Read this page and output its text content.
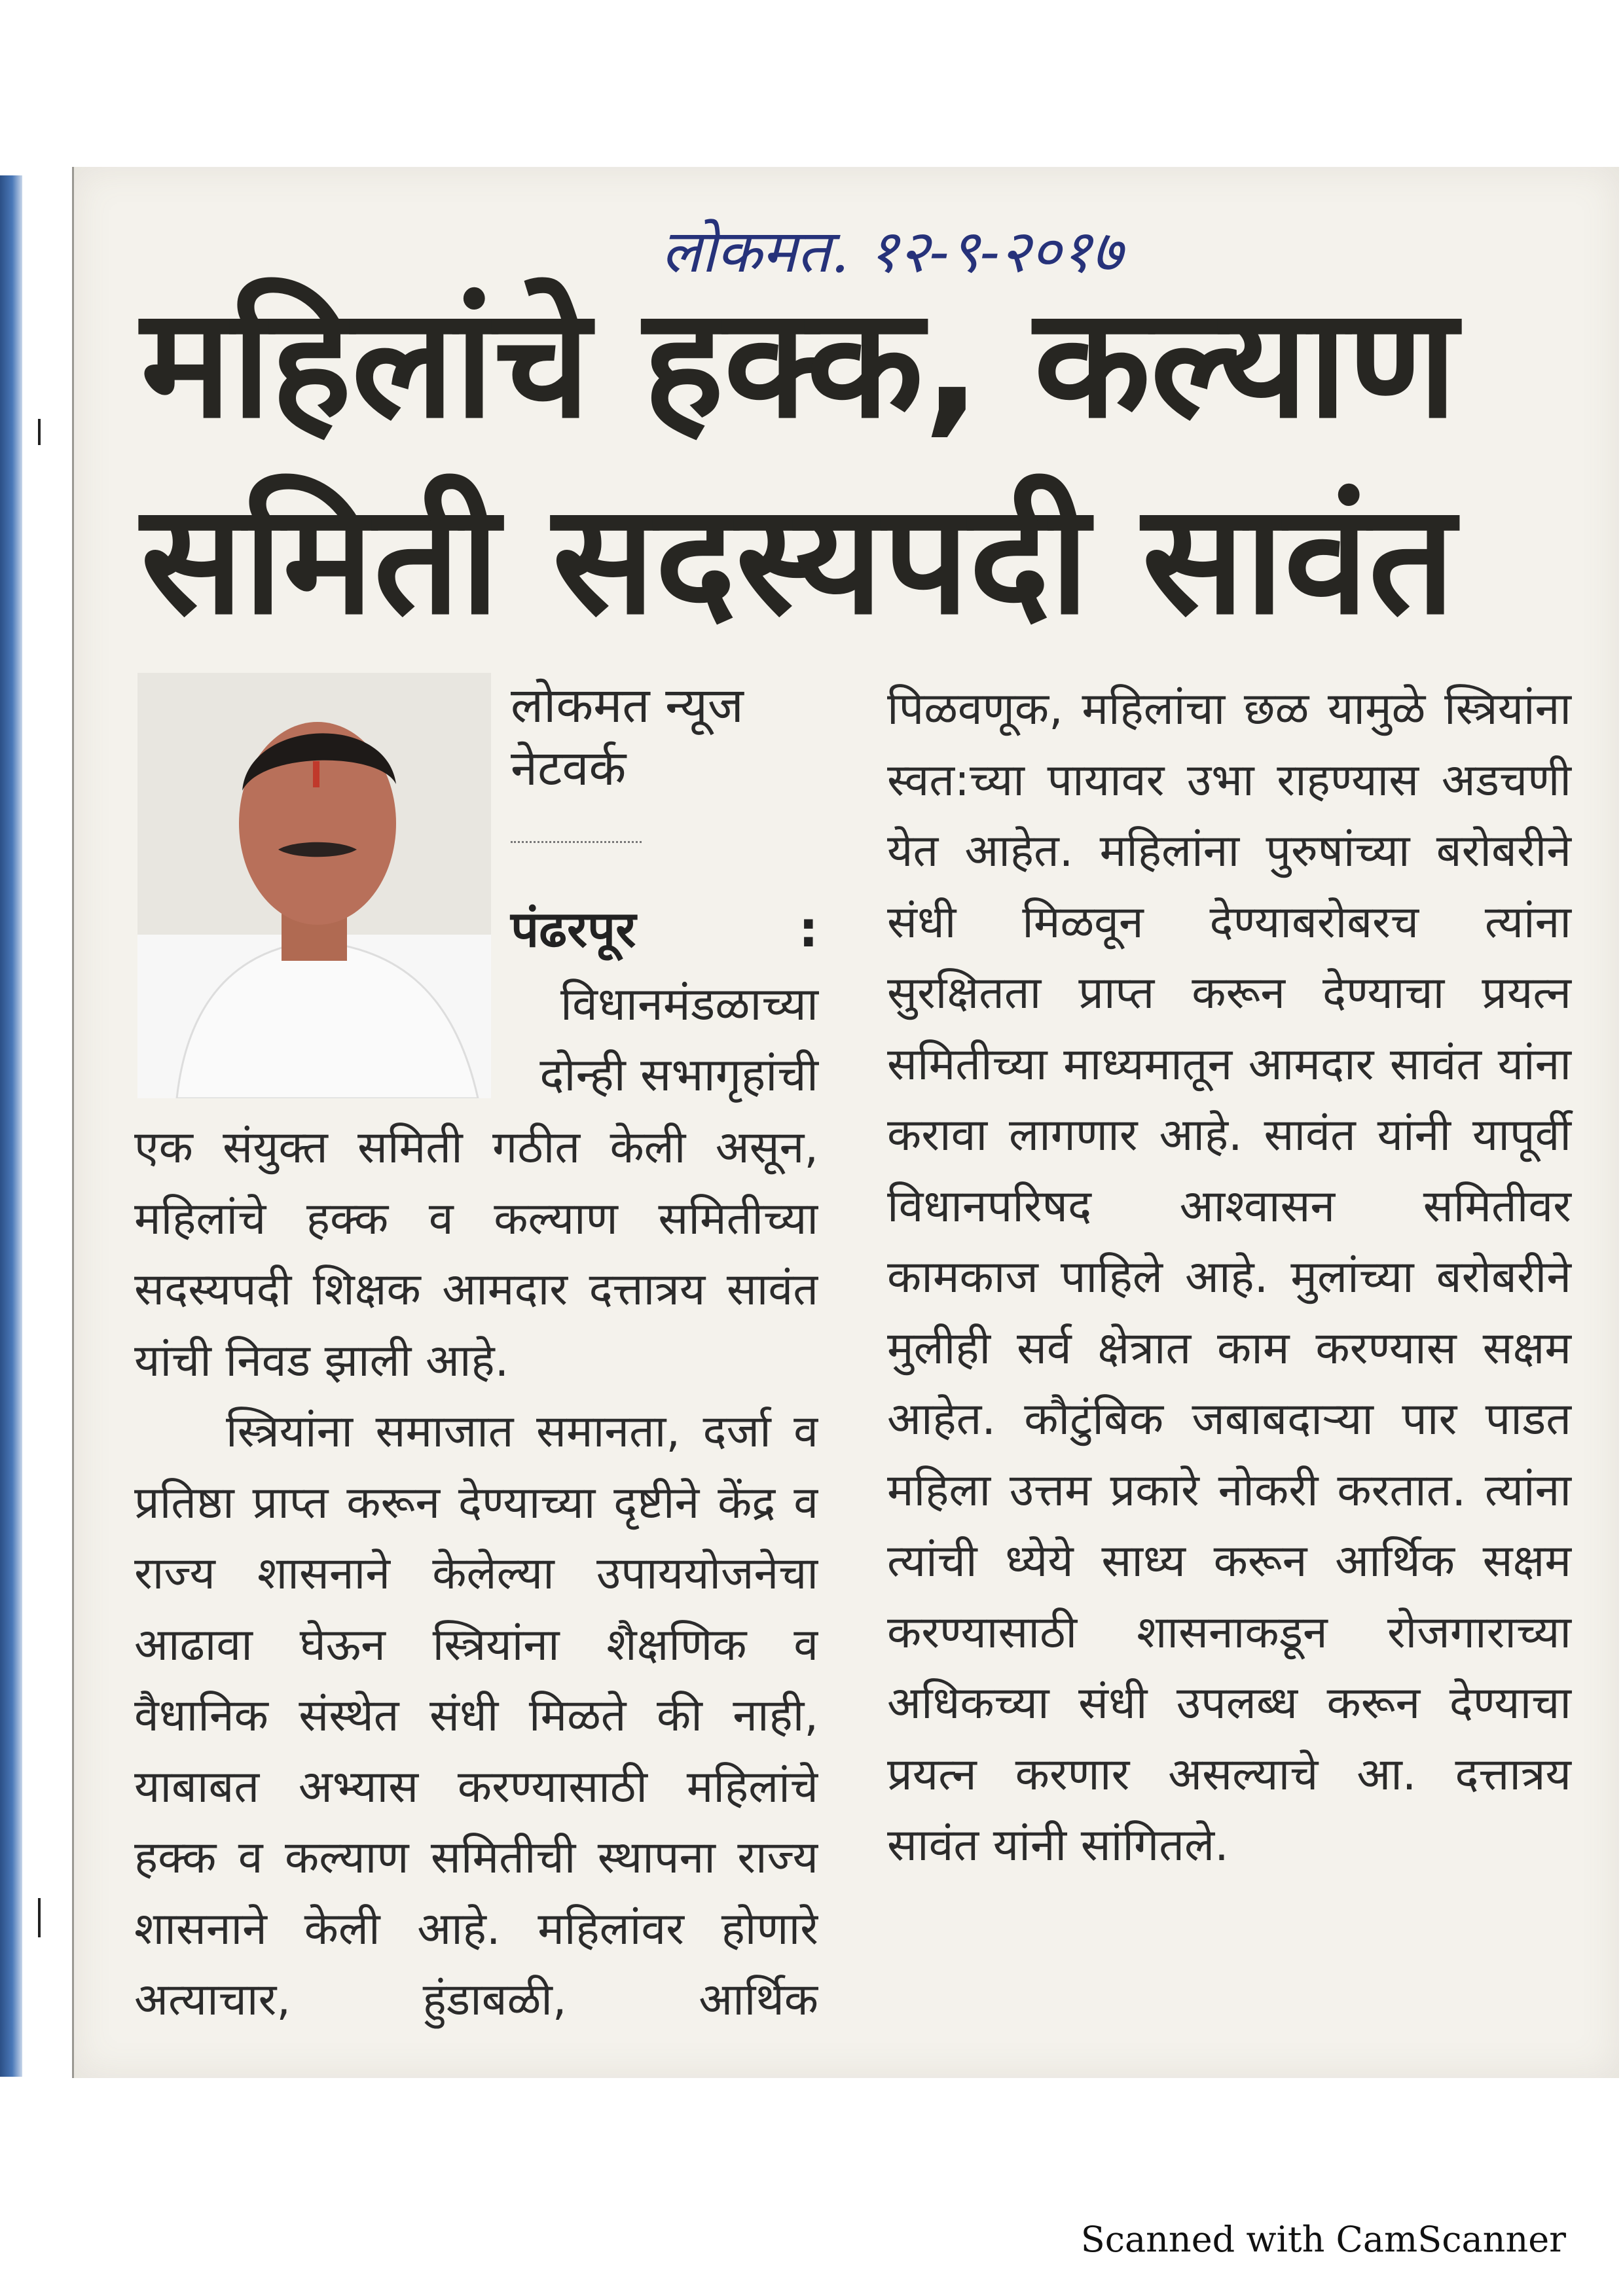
लोकमत. १२-९-२०१७
महिलांचे हक्क, कल्याण
समिती सदस्यपदी सावंत
लोकमत न्यूज नेटवर्क
पंढरपूर	:
विधानमंडळाच्या दोन्ही सभागृहांची

एक संयुक्त समिती गठीत केली असून, महिलांचे हक्क व कल्याण समितीच्या सदस्यपदी शिक्षक आमदार दत्तात्रय सावंत यांची निवड झाली आहे.

स्त्रियांना समाजात समानता, दर्जा व प्रतिष्ठा प्राप्त करून देण्याच्या दृष्टीने केंद्र व राज्य शासनाने केलेल्या उपाययोजनेचा आढावा घेऊन स्त्रियांना शैक्षणिक व वैधानिक संस्थेत संधी मिळते की नाही, याबाबत अभ्यास करण्यासाठी महिलांचे हक्क व कल्याण समितीची स्थापना राज्य शासनाने केली आहे. महिलांवर होणारे अत्याचार, हुंडाबळी, आर्थिक

पिळवणूक, महिलांचा छळ यामुळे स्त्रियांना स्वत:च्या पायावर उभा राहण्यास अडचणी येत आहेत. महिलांना पुरुषांच्या बरोबरीने संधी मिळवून देण्याबरोबरच त्यांना सुरक्षितता प्राप्त करून देण्याचा प्रयत्न समितीच्या माध्यमातून आमदार सावंत यांना करावा लागणार आहे. सावंत यांनी यापूर्वी विधानपरिषद आश्वासन समितीवर कामकाज पाहिले आहे. मुलांच्या बरोबरीने मुलीही सर्व क्षेत्रात काम करण्यास सक्षम आहेत. कौटुंबिक जबाबदाऱ्या पार पाडत महिला उत्तम प्रकारे नोकरी करतात. त्यांना त्यांची ध्येये साध्य करून आर्थिक सक्षम करण्यासाठी शासनाकडून रोजगाराच्या अधिकच्या संधी उपलब्ध करून देण्याचा प्रयत्न करणार असल्याचे आ. दत्तात्रय सावंत यांनी सांगितले.

Scanned with CamScanner
